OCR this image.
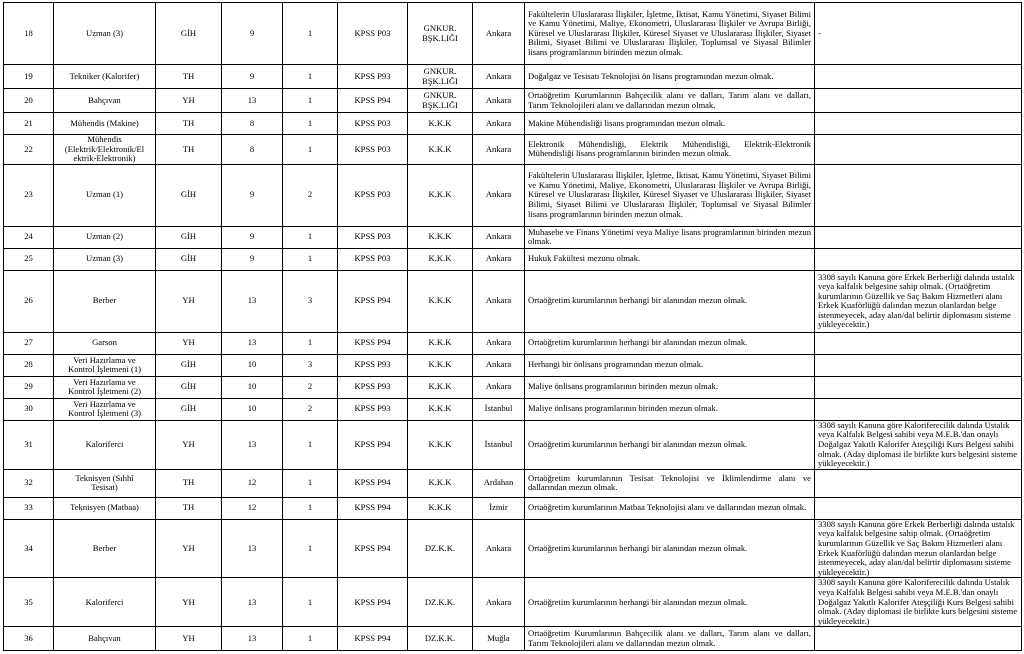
18	Uzman (3)	GİH	9	1	KPSS P03	GNKUR.
BŞK.LIĞI	Ankara	Fakültelerin Uluslararası İlişkiler, İşletme, İktisat, Kamu Yönetimi, Siyaset Bilimi ve Kamu Yönetimi, Maliye, Ekonometri, Uluslararası İlişkiler ve Avrupa Birliği, Küresel ve Uluslararası İlişkiler, Küresel Siyaset ve Uluslararası İlişkiler, Siyaset Bilimi, Siyaset Bilimi ve Uluslararası İlişkiler, Toplumsal ve Siyasal Bilimler lisans programlarının birinden mezun olmak.	-
19	Tekniker (Kalorifer)	TH	9	1	KPSS P93	GNKUR.
BŞK.LIĞI	Ankara	Doğalgaz ve Tesisatı Teknolojisi ön lisans programından mezun olmak.	
20	Bahçıvan	YH	13	1	KPSS P94	GNKUR.
BŞK.LIĞI	Ankara	Ortaöğretim Kurumlarının Bahçecilik alanı ve dalları, Tarım alanı ve dalları, Tarım Teknolojileri alanı ve dallarından mezun olmak.	
21	Mühendis (Makine)	TH	8	1	KPSS P03	K.K.K	Ankara	Makine Mühendisliği lisans programından mezun olmak.	
22	Mühendis
(Elektrik/Elektronik/El
ektrik-Elektronik)	TH	8	1	KPSS P03	K.K.K	Ankara	Elektronik Mühendisliği, Elektrik Mühendisliği, Elektrik-Elektronik Mühendisliği lisans programlarının birinden mezun olmak.	
23	Uzman (1)	GİH	9	2	KPSS P03	K.K.K	Ankara	Fakültelerin Uluslararası İlişkiler, İşletme, İktisat, Kamu Yönetimi, Siyaset Bilimi ve Kamu Yönetimi, Maliye, Ekonometri, Uluslararası İlişkiler ve Avrupa Birliği, Küresel ve Uluslararası İlişkiler, Küresel Siyaset ve Uluslararası İlişkiler, Siyaset Bilimi, Siyaset Bilimi ve Uluslararası İlişkiler, Toplumsal ve Siyasal Bilimler lisans programlarının birinden mezun olmak.	
24	Uzman (2)	GİH	9	1	KPSS P03	K.K.K	Ankara	Muhasebe ve Finans Yönetimi veya Maliye lisans programlarının birinden mezun olmak.	
25	Uzman (3)	GİH	9	1	KPSS P03	K.K.K	Ankara	Hukuk Fakültesi mezunu olmak.	
26	Berber	YH	13	3	KPSS P94	K.K.K	Ankara	Ortaöğretim kurumlarının herhangi bir alanından mezun olmak.	3308 sayılı Kanuna göre Erkek Berberliği dalında ustalık veya kalfalık belgesine sahip olmak. (Ortaöğretim kurumlarının Güzellik ve Saç Bakım Hizmetleri alanı Erkek Kuaförlüğü dalından mezun olanlardan belge istenmeyecek, aday alan/dal belirtir diplomasını sisteme yükleyecektir.)
27	Garson	YH	13	1	KPSS P94	K.K.K	Ankara	Ortaöğretim kurumlarının herhangi bir alanından mezun olmak.	
28	Veri Hazırlama ve
Kontrol İşletmeni (1)	GİH	10	3	KPSS P93	K.K.K	Ankara	Herhangi bir önlisans programından mezun olmak.	
29	Veri Hazırlama ve
Kontrol İşletmeni (2)	GİH	10	2	KPSS P93	K.K.K	Ankara	Maliye önlisans programlarının birinden mezun olmak.	
30	Veri Hazırlama ve
Kontrol İşletmeni (3)	GİH	10	2	KPSS P93	K.K.K	İstanbul	Maliye önlisans programlarının birinden mezun olmak.	
31	Kaloriferci	YH	13	1	KPSS P94	K.K.K	İstanbul	Ortaöğretim kurumlarının herhangi bir alanından mezun olmak.	3308 sayılı Kanuna göre Kaloriferecilik dalında Ustalık veya Kalfalık Belgesi sahibi veya M.E.B.'dan onaylı Doğalgaz Yakıtlı Kalorifer Ateşçiliği Kurs Belgesi sahibi olmak. (Aday diplomasi ile birlikte kurs belgesini sisteme yükleyecektir.)
32	Teknisyen (Sıhhî
Tesisat)	TH	12	1	KPSS P94	K.K.K	Ardahan	Ortaöğretim kurumlarının Tesisat Teknolojisi ve İklimlendirme alanı ve dallarından mezun olmak.	
33	Teknisyen (Matbaa)	TH	12	1	KPSS P94	K.K.K	İzmir	Ortaöğretim kurumlarının Matbaa Teknolojisi alanı ve dallarından mezun olmak.	
34	Berber	YH	13	1	KPSS P94	DZ.K.K.	Ankara	Ortaöğretim kurumlarının herhangi bir alanından mezun olmak.	3308 sayılı Kanuna göre Erkek Berberliği dalında ustalık veya kalfalık belgesine sahip olmak. (Ortaöğretim kurumlarının Güzellik ve Saç Bakım Hizmetleri alanı Erkek Kuaförlüğü dalından mezun olanlardan belge istenmeyecek, aday alan/dal belirtir diplomasını sisteme yükleyecektir.)
35	Kaloriferci	YH	13	1	KPSS P94	DZ.K.K.	Ankara	Ortaöğretim kurumlarının herhangi bir alanından mezun olmak.	3308 sayılı Kanuna göre Kaloriferecilik dalında Ustalık veya Kalfalık Belgesi sahibi veya M.E.B.'dan onaylı Doğalgaz Yakıtlı Kalorifer Ateşçiliği Kurs Belgesi sahibi olmak. (Aday diplomasi ile birlikte kurs belgesini sisteme yükleyecektir.)
36	Bahçıvan	YH	13	1	KPSS P94	DZ.K.K.	Muğla	Ortaöğretim Kurumlarının Bahçecilik alanı ve dalları, Tarım alanı ve dalları, Tarım Teknolojileri alanı ve dallarından mezun olmak.	
